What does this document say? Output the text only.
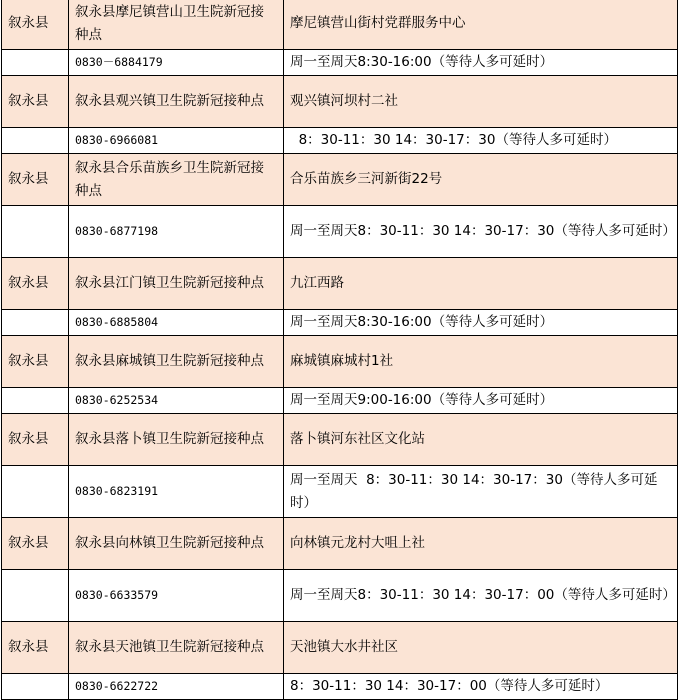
叙永县	叙永县摩尼镇营山卫生院新冠接种点	摩尼镇营山街村党群服务中心
	0830－6884179	周一至周天8:30-16:00（等待人多可延时）
叙永县	叙永县观兴镇卫生院新冠接种点	观兴镇河坝村二社
	0830-6966081	8：30-11：30 14：30-17：30（等待人多可延时）
叙永县	叙永县合乐苗族乡卫生院新冠接种点	合乐苗族乡三河新街22号
	0830-6877198	周一至周天8：30-11：30 14：30-17：30（等待人多可延时）
叙永县	叙永县江门镇卫生院新冠接种点	九江西路
	0830-6885804	周一至周天8:30-16:00（等待人多可延时）
叙永县	叙永县麻城镇卫生院新冠接种点	麻城镇麻城村1社
	0830-6252534	周一至周天9:00-16:00（等待人多可延时）
叙永县	叙永县落卜镇卫生院新冠接种点	落卜镇河东社区文化站
	0830-6823191	周一至周天  8：30-11：30 14：30-17：30（等待人多可延时）
叙永县	叙永县向林镇卫生院新冠接种点	向林镇元龙村大咀上社
	0830-6633579	周一至周天8：30-11：30 14：30-17：00（等待人多可延时）
叙永县	叙永县天池镇卫生院新冠接种点	天池镇大水井社区
	0830-6622722	8：30-11：30 14：30-17：00（等待人多可延时）
